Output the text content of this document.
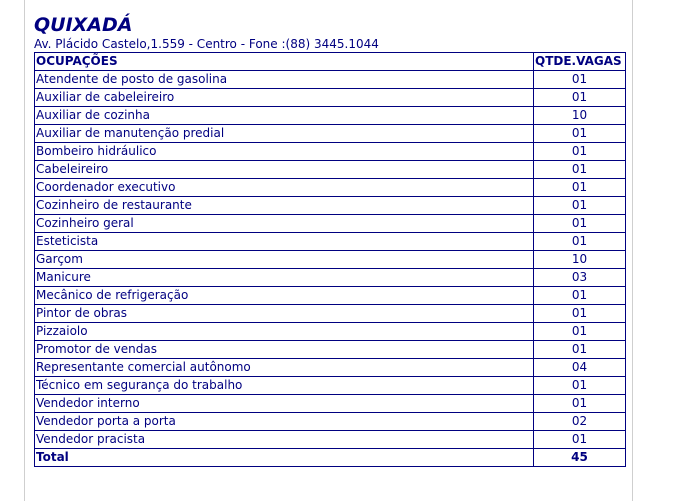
QUIXADÁ
Av. Plácido Castelo,1.559 - Centro - Fone :(88) 3445.1044
OCUPAÇÕES	QTDE.VAGAS
Atendente de posto de gasolina	01
Auxiliar de cabeleireiro	01
Auxiliar de cozinha	10
Auxiliar de manutenção predial	01
Bombeiro hidráulico	01
Cabeleireiro	01
Coordenador executivo	01
Cozinheiro de restaurante	01
Cozinheiro geral	01
Esteticista	01
Garçom	10
Manicure	03
Mecânico de refrigeração	01
Pintor de obras	01
Pizzaiolo	01
Promotor de vendas	01
Representante comercial autônomo	04
Técnico em segurança do trabalho	01
Vendedor interno	01
Vendedor porta a porta	02
Vendedor pracista	01
Total	45
